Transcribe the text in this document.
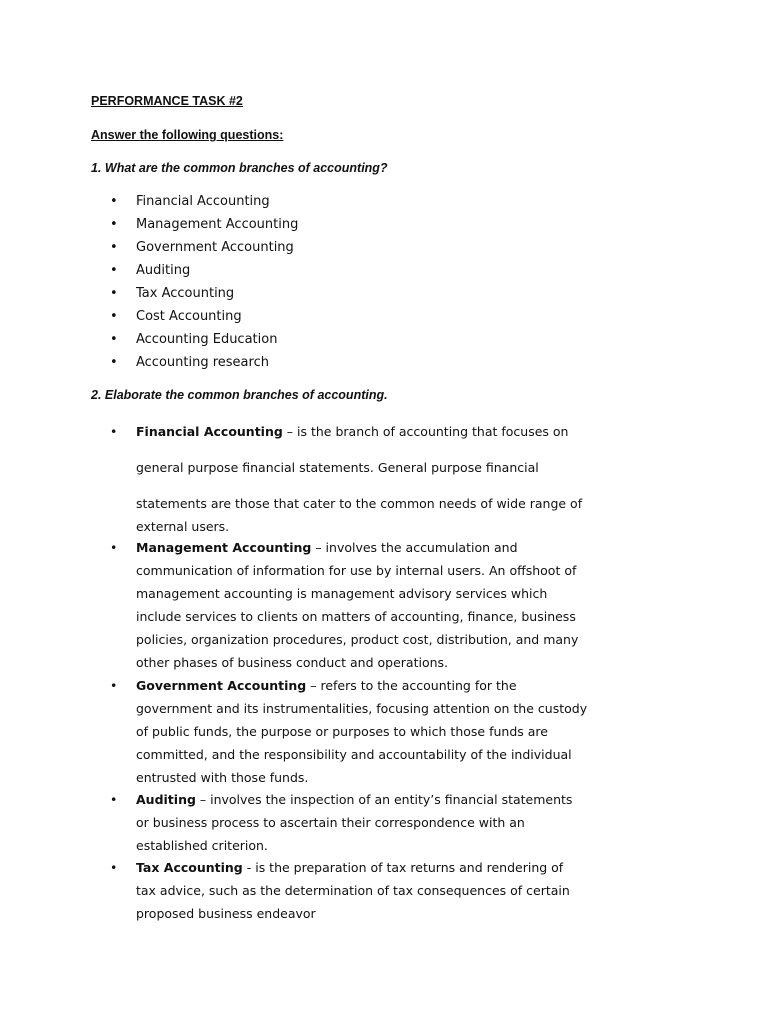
PERFORMANCE TASK #2
Answer the following questions:
1. What are the common branches of accounting?
•	Financial Accounting
•	Management Accounting
•	Government Accounting
•	Auditing
•	Tax Accounting
•	Cost Accounting
•	Accounting Education
•	Accounting research
2. Elaborate the common branches of accounting.
•	Financial Accounting – is the branch of accounting that focuses on
general purpose financial statements. General purpose financial
statements are those that cater to the common needs of wide range of
external users.
•	Management Accounting – involves the accumulation and
communication of information for use by internal users. An offshoot of
management accounting is management advisory services which
include services to clients on matters of accounting, finance, business
policies, organization procedures, product cost, distribution, and many
other phases of business conduct and operations.
•	Government Accounting – refers to the accounting for the
government and its instrumentalities, focusing attention on the custody
of public funds, the purpose or purposes to which those funds are
committed, and the responsibility and accountability of the individual
entrusted with those funds.
•	Auditing – involves the inspection of an entity’s financial statements
or business process to ascertain their correspondence with an
established criterion.
•	Tax Accounting - is the preparation of tax returns and rendering of
tax advice, such as the determination of tax consequences of certain
proposed business endeavor
